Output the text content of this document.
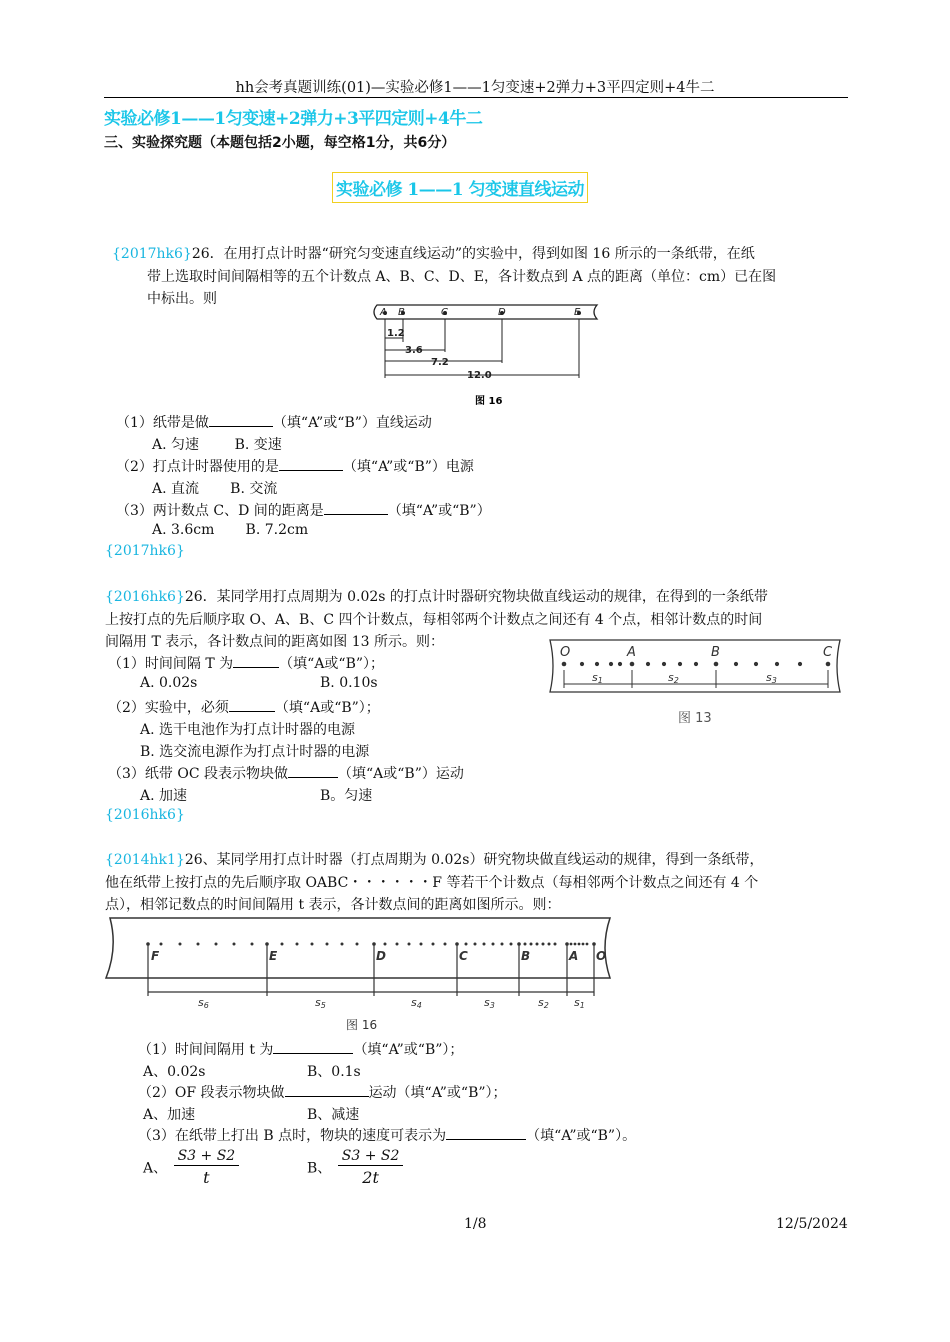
hh会考真题训练(01)—实验必修1——1匀变速+2弹力+3平四定则+4牛二
实验必修1——1匀变速+2弹力+3平四定则+4牛二
三、实验探究题（本题包括2小题，每空格1分，共6分）
实验必修 1——1 匀变速直线运动
{2017hk6}26．在用打点计时器“研究匀变速直线运动”的实验中，得到如图 16 所示的一条纸带，在纸
带上选取时间间隔相等的五个计数点 A、B、C、D、E，各计数点到 A 点的距离（单位：cm）已在图
中标出。则
A B	C	D	E
1.2
3.6
7.2
12.0
图 16
（1）纸带是做	（填“A”或“B”）直线运动
A. 匀速        B. 变速
（2）打点计时器使用的是	（填“A”或“B”）电源
A. 直流       B. 交流
（3）两计数点 C、D 间的距离是	（填“A”或“B”）
A. 3.6cm       B. 7.2cm
{2017hk6}
{2016hk6}26．某同学用打点周期为 0.02s 的打点计时器研究物块做直线运动的规律，在得到的一条纸带
上按打点的先后顺序取 O、A、B、C 四个计数点，每相邻两个计数点之间还有 4 个点，相邻计数点的时间
间隔用 T 表示，各计数点间的距离如图 13 所示。则：
O	A	B	C
s1	s2	s3
图 13
（1）时间间隔 T 为	（填“A或“B”）；
A. 0.02s	B. 0.10s
（2）实验中，必须	（填“A或“B”）；
A. 选干电池作为打点计时器的电源
B. 选交流电源作为打点计时器的电源
（3）纸带 OC 段表示物块做	（填“A或“B”）运动
A. 加速	B。匀速
{2016hk6}
{2014hk1}26、某同学用打点计时器（打点周期为 0.02s）研究物块做直线运动的规律，得到一条纸带，
他在纸带上按打点的先后顺序取 OABC・・・・・・F 等若干个计数点（每相邻两个计数点之间还有 4 个
点），相邻记数点的时间间隔用 t 表示，各计数点间的距离如图所示。则：
F	E	D	C	B	A O
s6	s5	s4	s3	s2 s1
图 16
（1）时间间隔用 t 为	（填“A”或“B”）；
A、0.02s	B、0.1s
（2）OF 段表示物块做	运动（填“A”或“B”）；
A、加速	B、减速
（3）在纸带上打出 B 点时，物块的速度可表示为	（填“A”或“B”）。
A、 $\frac{S3 + S2}{t}$	B、 $\frac{S3 + S2}{2t}$
1/8	12/5/2024
